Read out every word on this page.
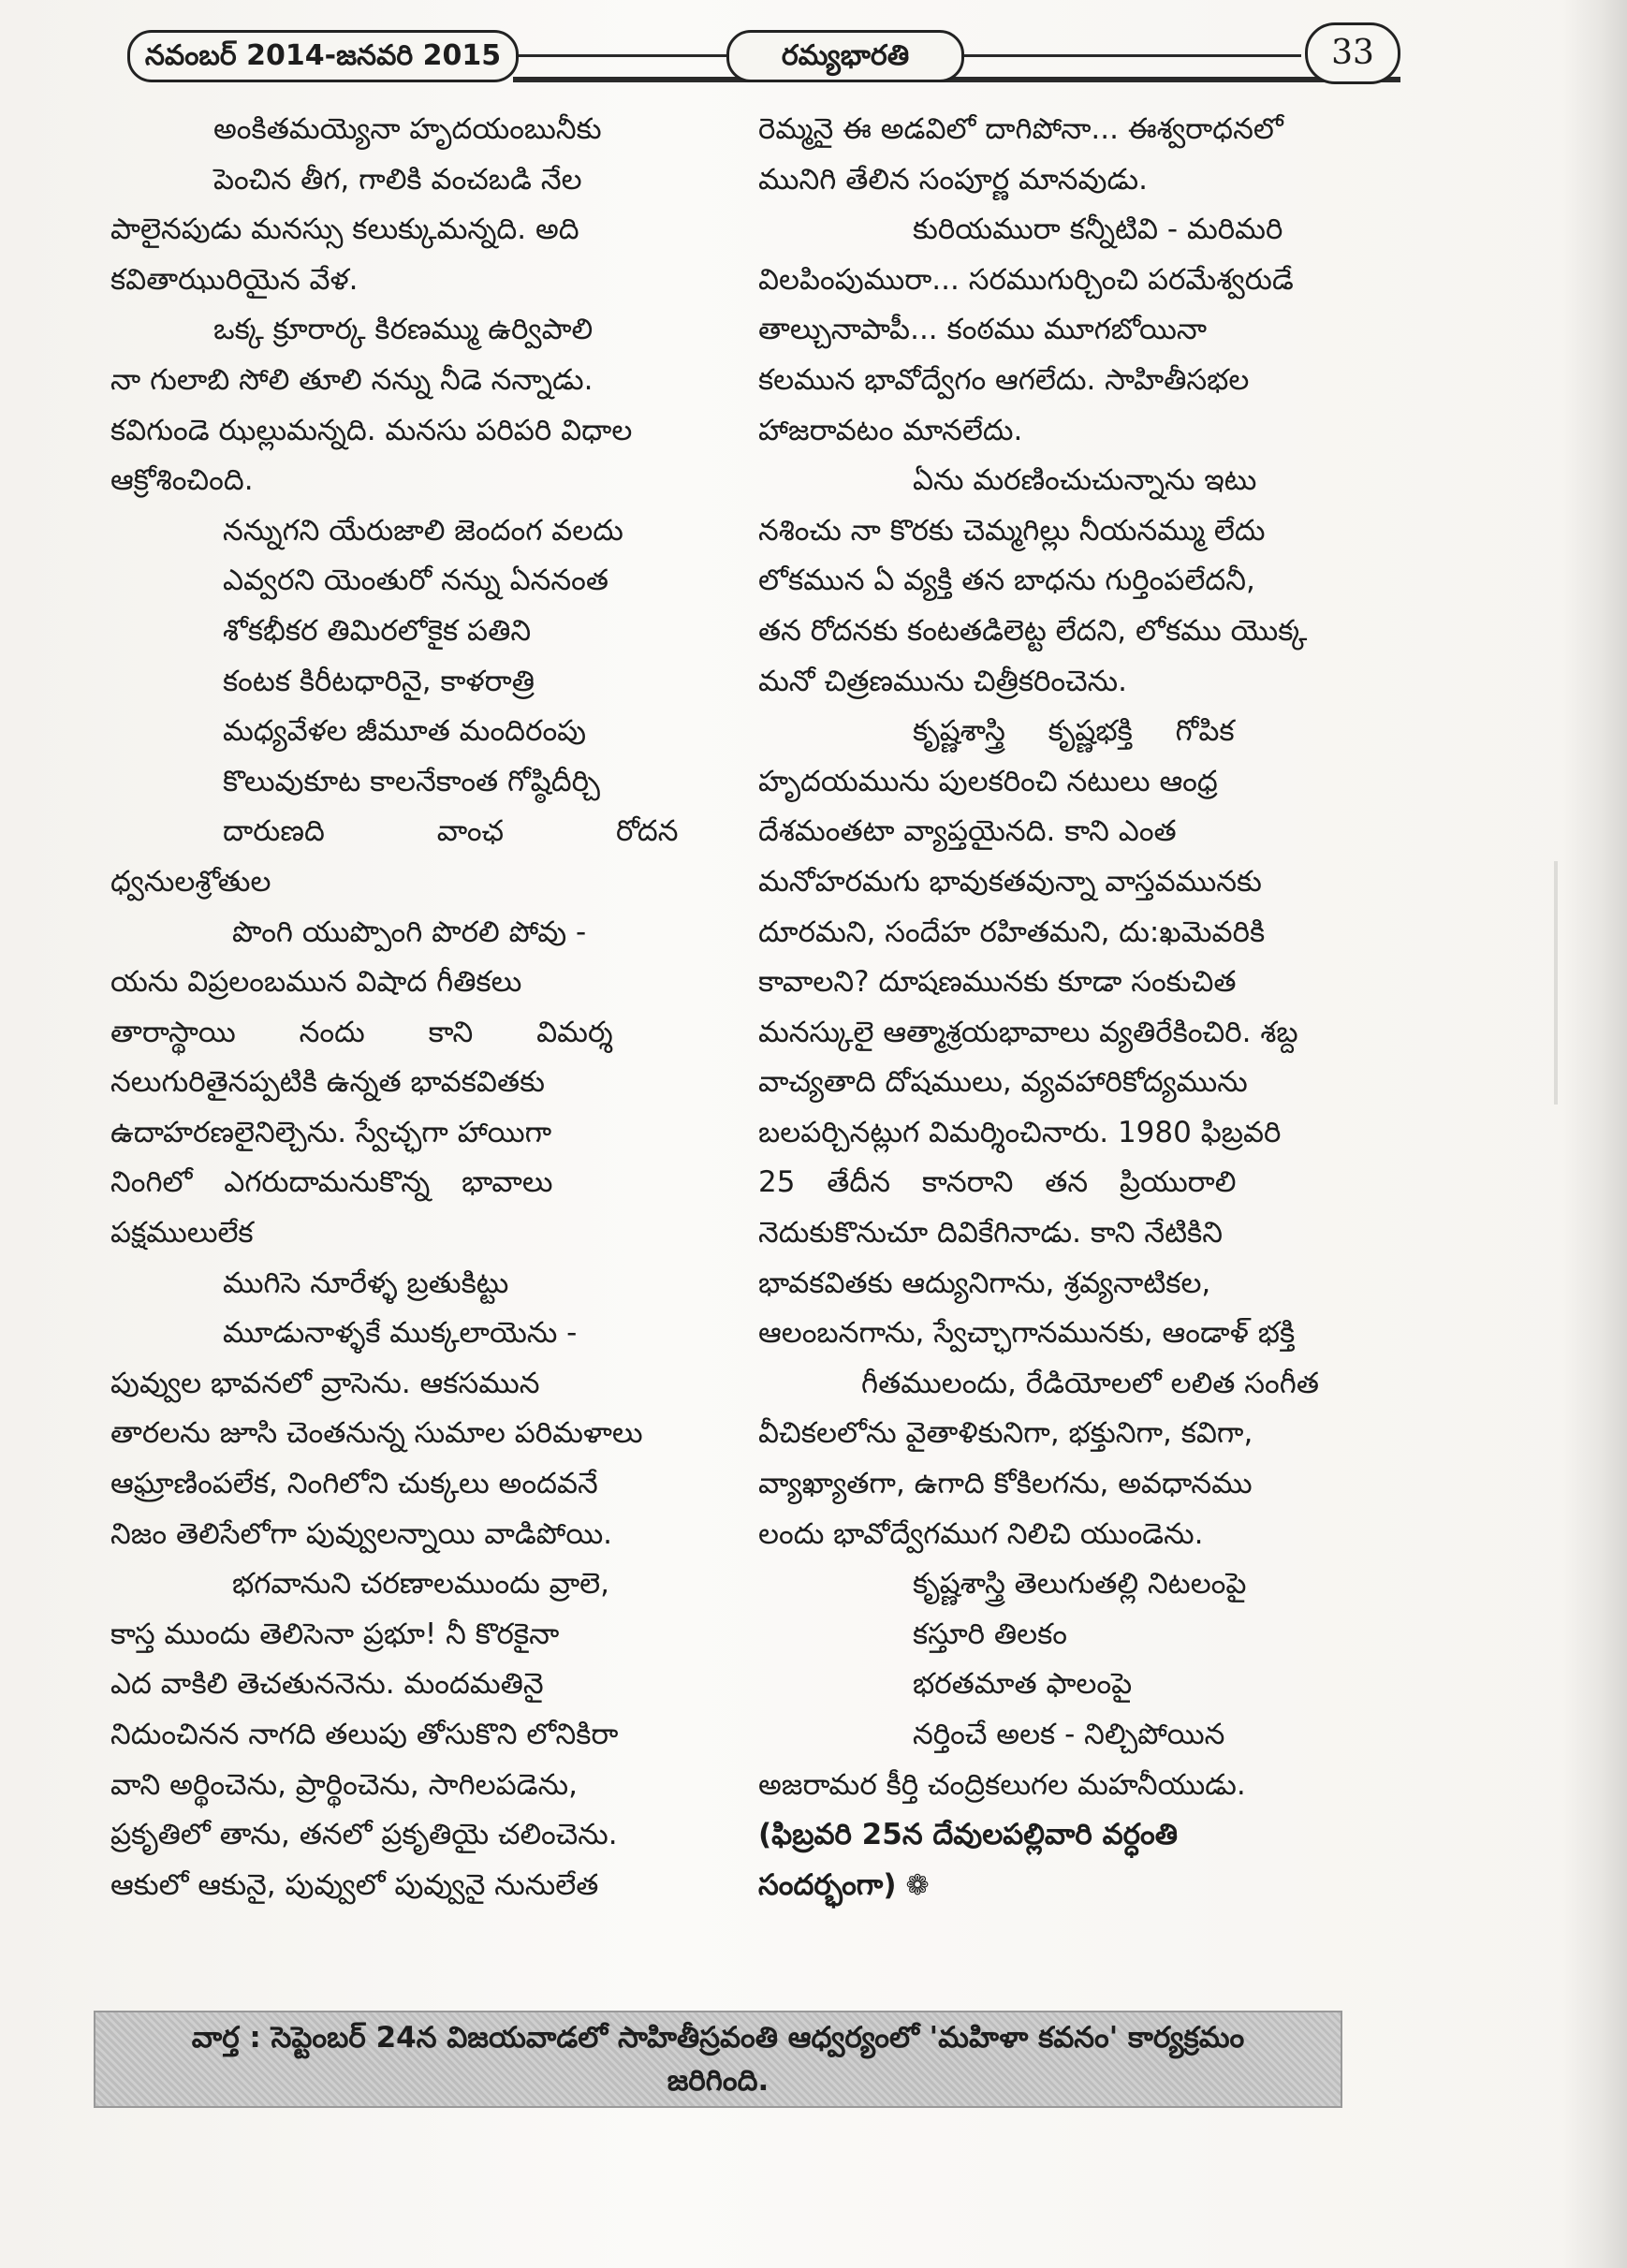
నవంబర్ 2014-జనవరి 2015	రమ్యభారతి	33

అంకితమయ్యెనా హృదయంబునీకు

పెంచిన తీగ, గాలికి వంచబడి నేల

పాలైనపుడు మనస్సు కలుక్కుమన్నది. అది

కవితాఝురియైన వేళ.

ఒక్క క్రూరార్క కిరణమ్ము ఉర్విపాలి

నా గులాబి సోలి తూలి నన్ను నీడె నన్నాడు.

కవిగుండె ఝల్లుమన్నది. మనసు పరిపరి విధాల

ఆక్రోశించింది.

నన్నుగని యేరుజాలి జెందంగ వలదు

ఎవ్వరని యెంతురో నన్ను ఏననంత

శోకభీకర తిమిరలోకైక పతిని

కంటక కిరీటధారినై, కాళరాత్రి

మధ్యవేళల జీమూత మందిరంపు

కొలువుకూట కాలనేకాంత గోష్ఠిదీర్చి

దారుణది వాంఛ రోదన

ధ్వనులశ్రోతుల

పొంగి యుప్పొంగి పొరలి పోవు -

యను విప్రలంబమున విషాద గీతికలు

తారాస్థాయి నందు కాని విమర్శ

నలుగురితైనప్పటికి ఉన్నత భావకవితకు

ఉదాహరణలైనిల్చెను. స్వేచ్ఛగా హాయిగా

నింగిలో ఎగరుదామనుకొన్న భావాలు

పక్షములులేక

ముగిసె నూరేళ్ళ బ్రతుకిట్టు

మూడునాళ్ళకే ముక్కలాయెను -

పువ్వుల భావనలో వ్రాసెను. ఆకసమున

తారలను జూసి చెంతనున్న సుమాల పరిమళాలు

ఆఘ్రాణింపలేక, నింగిలోని చుక్కలు అందవనే

నిజం తెలిసేలోగా పువ్వులన్నాయి వాడిపోయి.

భగవానుని చరణాలముందు వ్రాలె,

కాస్త ముందు తెలిసెనా ప్రభూ! నీ కొరకైనా

ఎద వాకిలి తెచతుననెను. మందమతినై

నిదుంచినన నాగది తలుపు తోసుకొని లోనికిరా

వాని అర్థించెను, ప్రార్థించెను, సాగిలపడెను,

ప్రకృతిలో తాను, తనలో ప్రకృతియై చలించెను.

ఆకులో ఆకునై, పువ్వులో పువ్వునై నునులేత

రెమ్మనై ఈ అడవిలో దాగిపోనా... ఈశ్వరాధనలో

మునిగి తేలిన సంపూర్ణ మానవుడు.

కురియమురా కన్నీటివి - మరిమరి

విలపింపుమురా... సరముగుర్చించి పరమేశ్వరుడే

తాల్చునాపాపీ... కంఠము మూగబోయినా

కలమున భావోద్వేగం ఆగలేదు. సాహితీసభల

హాజరావటం మానలేదు.

ఏను మరణించుచున్నాను ఇటు

నశించు నా కొరకు చెమ్మగిల్లు నీయనమ్ము లేదు

లోకమున ఏ వ్యక్తి తన బాధను గుర్తింపలేదనీ,

తన రోదనకు కంటతడిలెట్ట లేదని, లోకము యొక్క

మనో చిత్రణమును చిత్రీకరించెను.

కృష్ణశాస్త్రి కృష్ణభక్తి గోపిక

హృదయమును పులకరించి నటులు ఆంధ్ర

దేశమంతటా వ్యాప్తయైనది. కాని ఎంత

మనోహరమగు భావుకతవున్నా వాస్తవమునకు

దూరమని, సందేహ రహితమని, దు:ఖమెవరికి

కావాలని? దూషణమునకు కూడా సంకుచిత

మనస్కులై ఆత్మాశ్రయభావాలు వ్యతిరేకించిరి. శబ్ద

వాచ్యతాది దోషములు, వ్యవహారికోద్యమును

బలపర్చినట్లుగ విమర్శించినారు. 1980 ఫిబ్రవరి

25 తేదీన కానరాని తన ప్రియురాలి

నెదుకుకొనుచూ దివికేగినాడు. కాని నేటికిని

భావకవితకు ఆద్యునిగాను, శ్రవ్యనాటికల,

ఆలంబనగాను, స్వేచ్ఛాగానమునకు, ఆండాళ్ భక్తి

గీతములందు, రేడియోలలో లలిత సంగీత

వీచికలలోను వైతాళికునిగా, భక్తునిగా, కవిగా,

వ్యాఖ్యాతగా, ఉగాది కోకిలగను, అవధానము

లందు భావోద్వేగముగ నిలిచి యుండెను.

కృష్ణశాస్త్రి తెలుగుతల్లి నిటలంపై

కస్తూరి తిలకం

భరతమాత ఫాలంపై

నర్తించే అలక - నిల్చిపోయిన

అజరామర కీర్తి చంద్రికలుగల మహనీయుడు.

(ఫిబ్రవరి 25న దేవులపల్లివారి వర్ధంతి

సందర్భంగా) ❁

వార్త : సెప్టెంబర్ 24న విజయవాడలో సాహితీస్రవంతి ఆధ్వర్యంలో 'మహిళా కవనం' కార్యక్రమం
జరిగింది.
